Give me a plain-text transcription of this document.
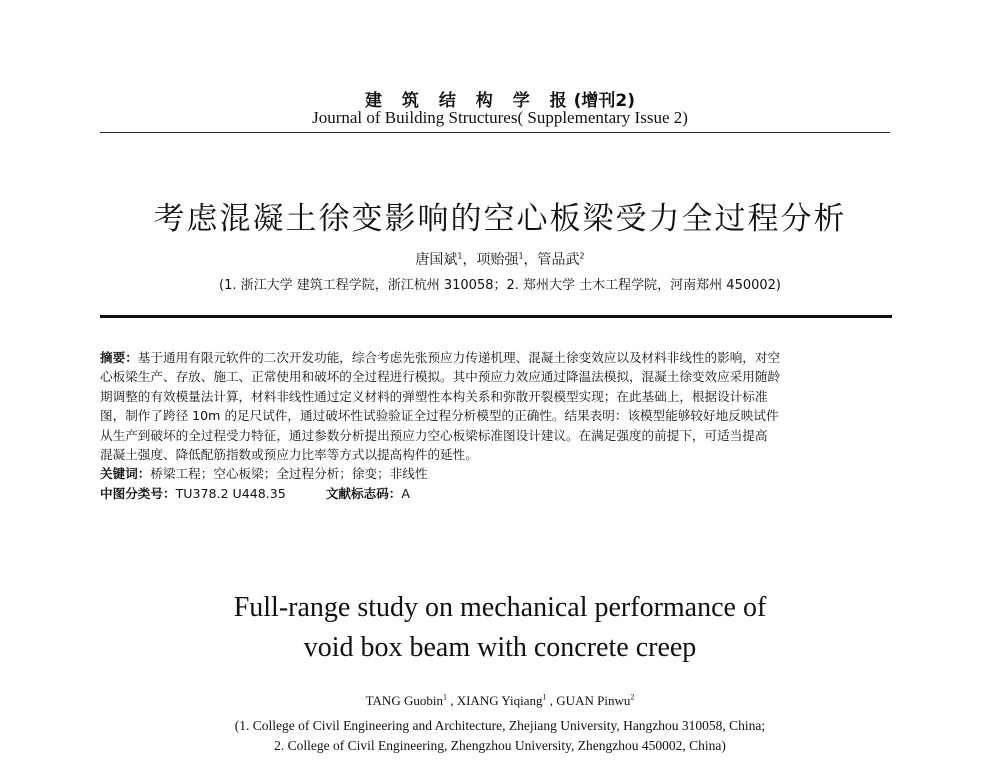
建 筑 结 构 学 报(增刊2)
Journal of Building Structures( Supplementary Issue 2)
考虑混凝土徐变影响的空心板梁受力全过程分析
唐国斌$^1$，项贻强$^1$，管品武$^2$
(1. 浙江大学 建筑工程学院，浙江杭州 310058；2. 郑州大学 土木工程学院，河南郑州 450002)
摘要：基于通用有限元软件的二次开发功能，综合考虑先张预应力传递机理、混凝土徐变效应以及材料非线性的影响，对空
心板梁生产、存放、施工、正常使用和破坏的全过程进行模拟。其中预应力效应通过降温法模拟，混凝土徐变效应采用随龄
期调整的有效模量法计算，材料非线性通过定义材料的弹塑性本构关系和弥散开裂模型实现；在此基础上，根据设计标准
图，制作了跨径 10m 的足尺试件，通过破坏性试验验证全过程分析模型的正确性。结果表明：该模型能够较好地反映试件
从生产到破坏的全过程受力特征，通过参数分析提出预应力空心板梁标准图设计建议。在满足强度的前提下，可适当提高
混凝土强度、降低配筋指数或预应力比率等方式以提高构件的延性。
关键词：桥梁工程；空心板梁；全过程分析；徐变；非线性
中图分类号：TU378.2 U448.35	文献标志码：A
Full-range study on mechanical performance of
void box beam with concrete creep
TANG Guobin$^1$ , XIANG Yiqiang$^1$ , GUAN Pinwu$^2$
(1. College of Civil Engineering and Architecture, Zhejiang University, Hangzhou 310058, China;
2. College of Civil Engineering, Zhengzhou University, Zhengzhou 450002, China)
